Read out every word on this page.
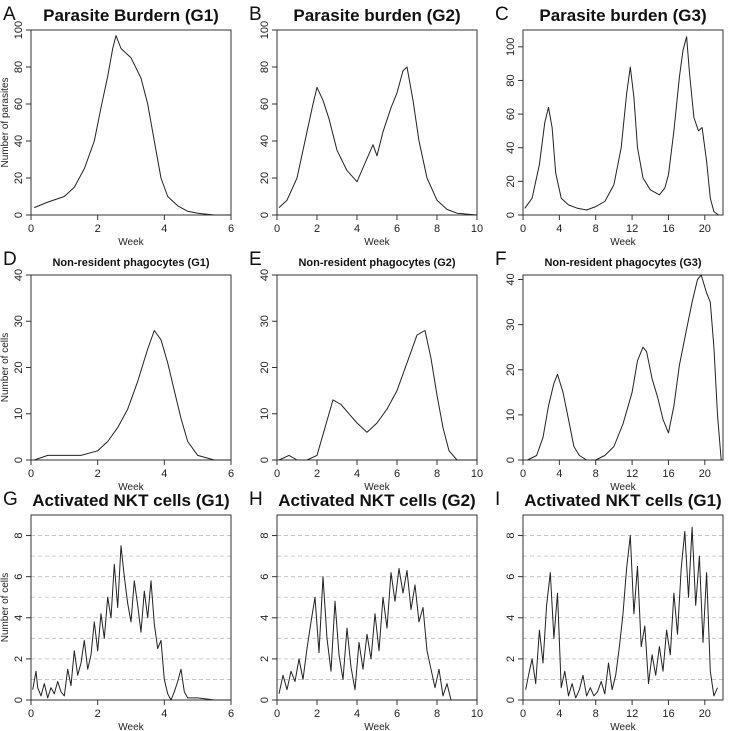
A Parasite Burdern (G1)
0	2	4	6
Week
0
20
40
60
80
100
Number of parasites
B Parasite burden (G2)
0	2	4	6	8	10
Week
0
20
40
60
80
100
C Parasite burden (G3)
0	4	8 12 16 20
Week
0
20
40
60
80
100
D	Non-resident phagocytes (G1)
0	2	4	6
Week
0
10
20
30
40
Number of cells
E	Non-resident phagocytes (G2)
0	2	4	6	8	10
Week
0
10
20
30
40
F	Non-resident phagocytes (G3)
0	4	8 12 16 20
Week
0
10
20
30
40
G Activated NKT cells (G1)
0	2	4	6
Week
0
2
4
6
8
Number of cells
H Activated NKT cells (G2)
0	2	4	6	8	10
Week
0
2
4
6
8
I Activated NKT cells (G1)
0	4	8 12 16 20
Week
0
2
4
6
8
